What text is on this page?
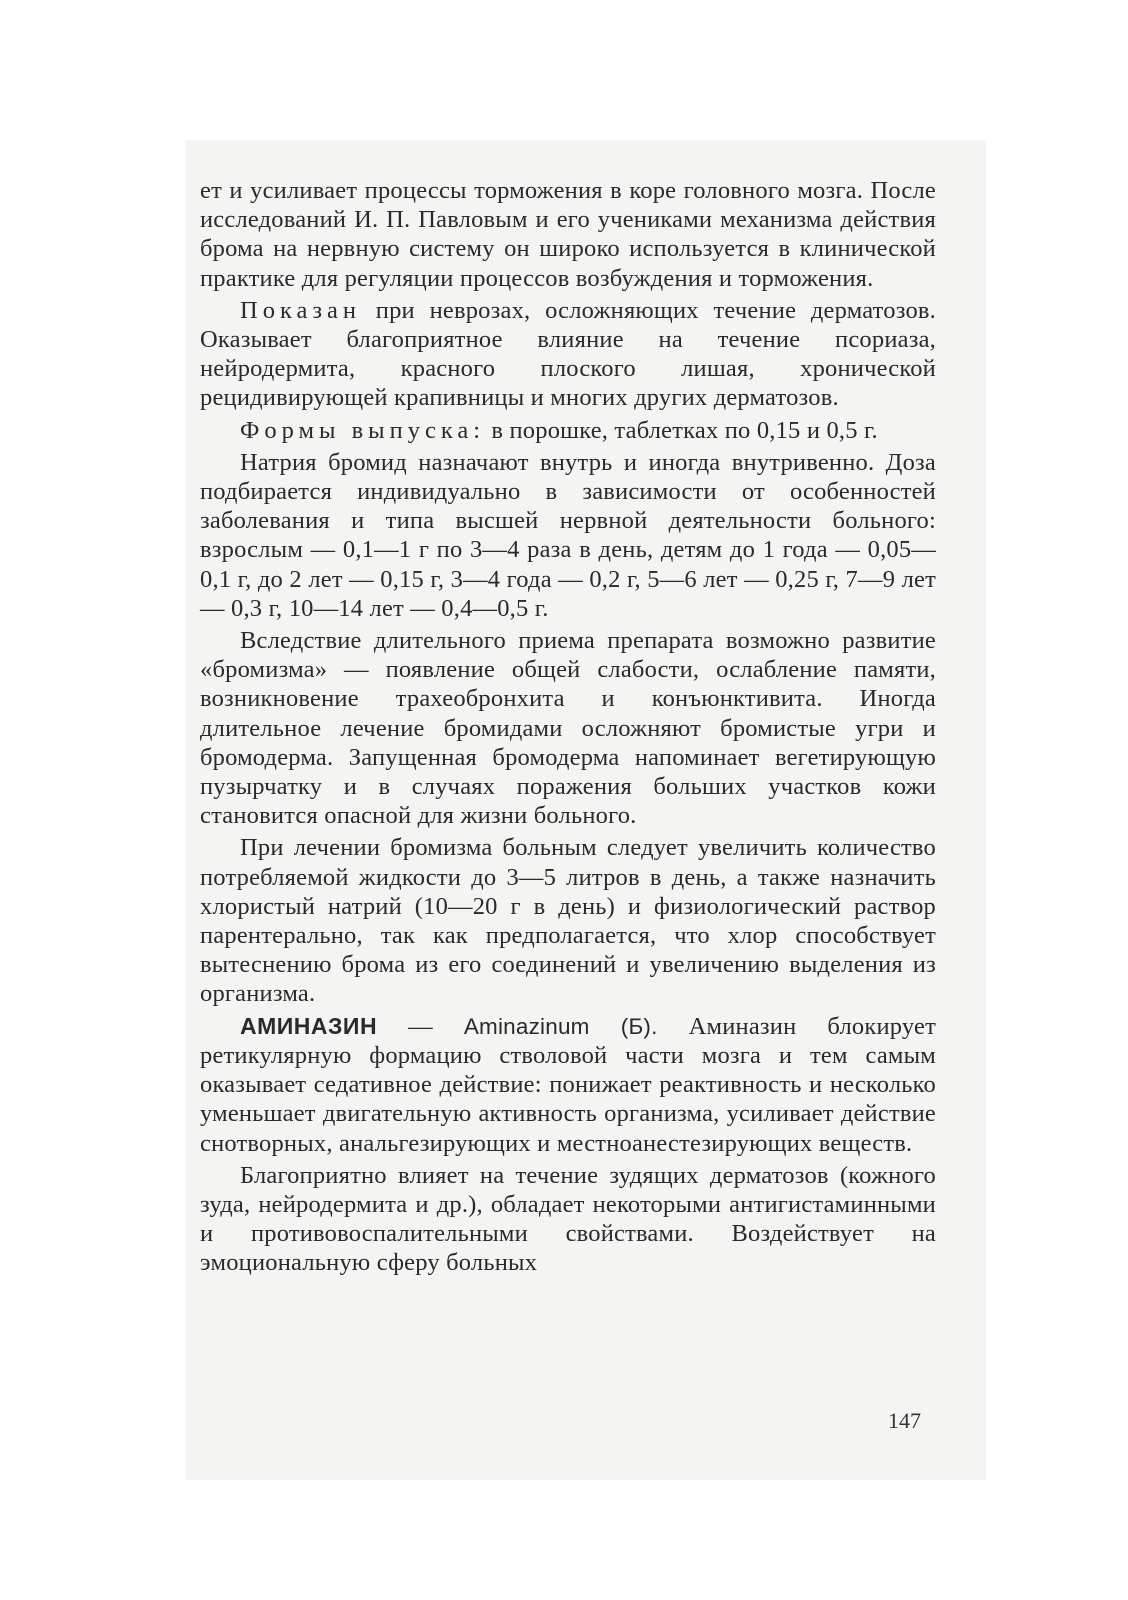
ет и усиливает процессы торможения в коре головного мозга. После исследований И. П. Павловым и его учениками механизма действия брома на нервную систему он широко используется в клинической практике для регуляции процессов возбуждения и торможения.

Показан при неврозах, осложняющих течение дерматозов. Оказывает благоприятное влияние на течение псориаза, нейродермита, красного плоского лишая, хронической рецидивирующей крапивницы и многих других дерматозов.

Формы выпуска: в порошке, таблетках по 0,15 и 0,5 г.

Натрия бромид назначают внутрь и иногда внутривенно. Доза подбирается индивидуально в зависимости от особенностей заболевания и типа высшей нервной деятельности больного: взрослым — 0,1—1 г по 3—4 раза в день, детям до 1 года — 0,05—0,1 г, до 2 лет — 0,15 г, 3—4 года — 0,2 г, 5—6 лет — 0,25 г, 7—9 лет — 0,3 г, 10—14 лет — 0,4—0,5 г.

Вследствие длительного приема препарата возможно развитие «бромизма» — появление общей слабости, ослабление памяти, возникновение трахеобронхита и конъюнктивита. Иногда длительное лечение бромидами осложняют бромистые угри и бромодерма. Запущенная бромодерма напоминает вегетирующую пузырчатку и в случаях поражения больших участков кожи становится опасной для жизни больного.

При лечении бромизма больным следует увеличить количество потребляемой жидкости до 3—5 литров в день, а также назначить хлористый натрий (10—20 г в день) и физиологический раствор парентерально, так как предполагается, что хлор способствует вытеснению брома из его соединений и увеличению выделения из организма.

АМИНАЗИН — Aminazinum (Б). Аминазин блокирует ретикулярную формацию стволовой части мозга и тем самым оказывает седативное действие: понижает реактивность и несколько уменьшает двигательную активность организма, усиливает действие снотворных, анальгезирующих и местноанестезирующих веществ.

Благоприятно влияет на течение зудящих дерматозов (кожного зуда, нейродермита и др.), обладает некоторыми антигистаминными и противовоспалительными свойствами. Воздействует на эмоциональную сферу больных

147
